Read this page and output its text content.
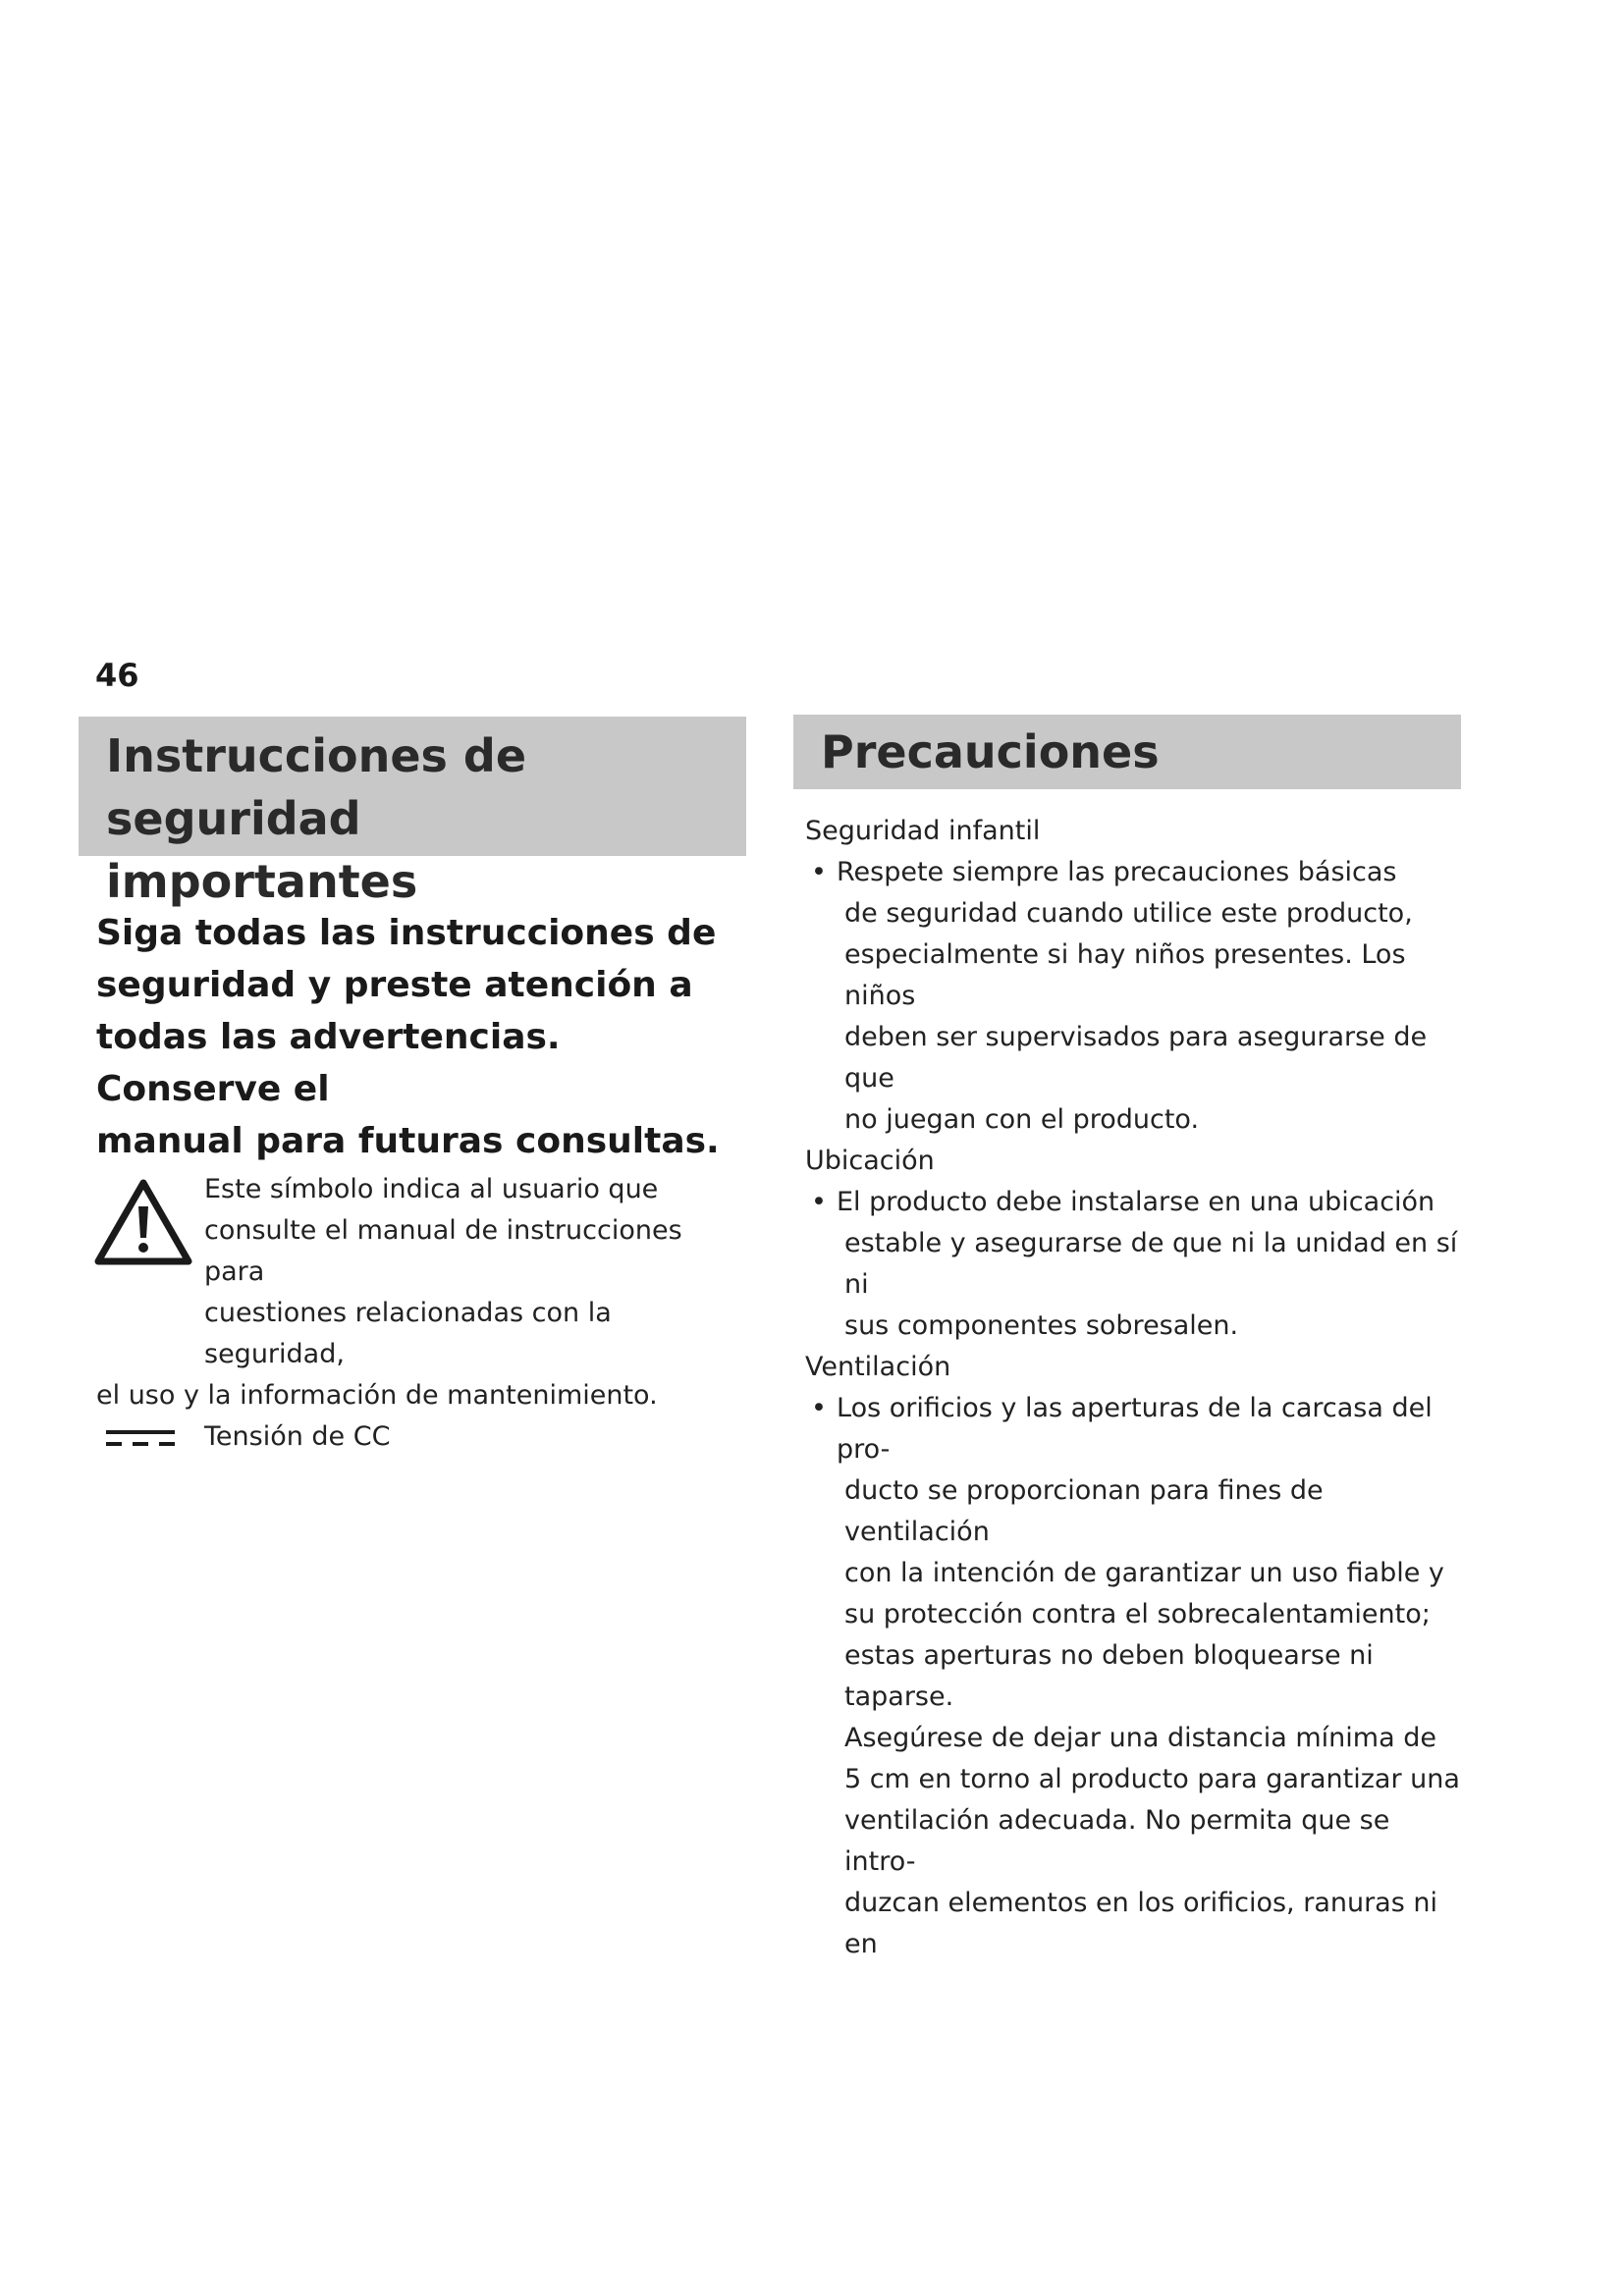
46
Instrucciones de seguridad
importantes
Siga todas las instrucciones de
seguridad y preste atención a
todas las advertencias. Conserve el
manual para futuras consultas.
Este símbolo indica al usuario que
consulte el manual de instrucciones para
cuestiones relacionadas con la seguridad,
el uso y la información de mantenimiento.
Tensión de CC
Precauciones
Seguridad infantil
• Respete siempre las precauciones básicas
de seguridad cuando utilice este producto,
especialmente si hay niños presentes. Los niños
deben ser supervisados para asegurarse de que
no juegan con el producto.
Ubicación
• El producto debe instalarse en una ubicación
estable y asegurarse de que ni la unidad en sí ni
sus componentes sobresalen.
Ventilación
• Los orificios y las aperturas de la carcasa del pro-
ducto se proporcionan para fines de ventilación
con la intención de garantizar un uso fiable y
su protección contra el sobrecalentamiento;
estas aperturas no deben bloquearse ni taparse.
Asegúrese de dejar una distancia mínima de
5 cm en torno al producto para garantizar una
ventilación adecuada. No permita que se intro-
duzcan elementos en los orificios, ranuras ni en
